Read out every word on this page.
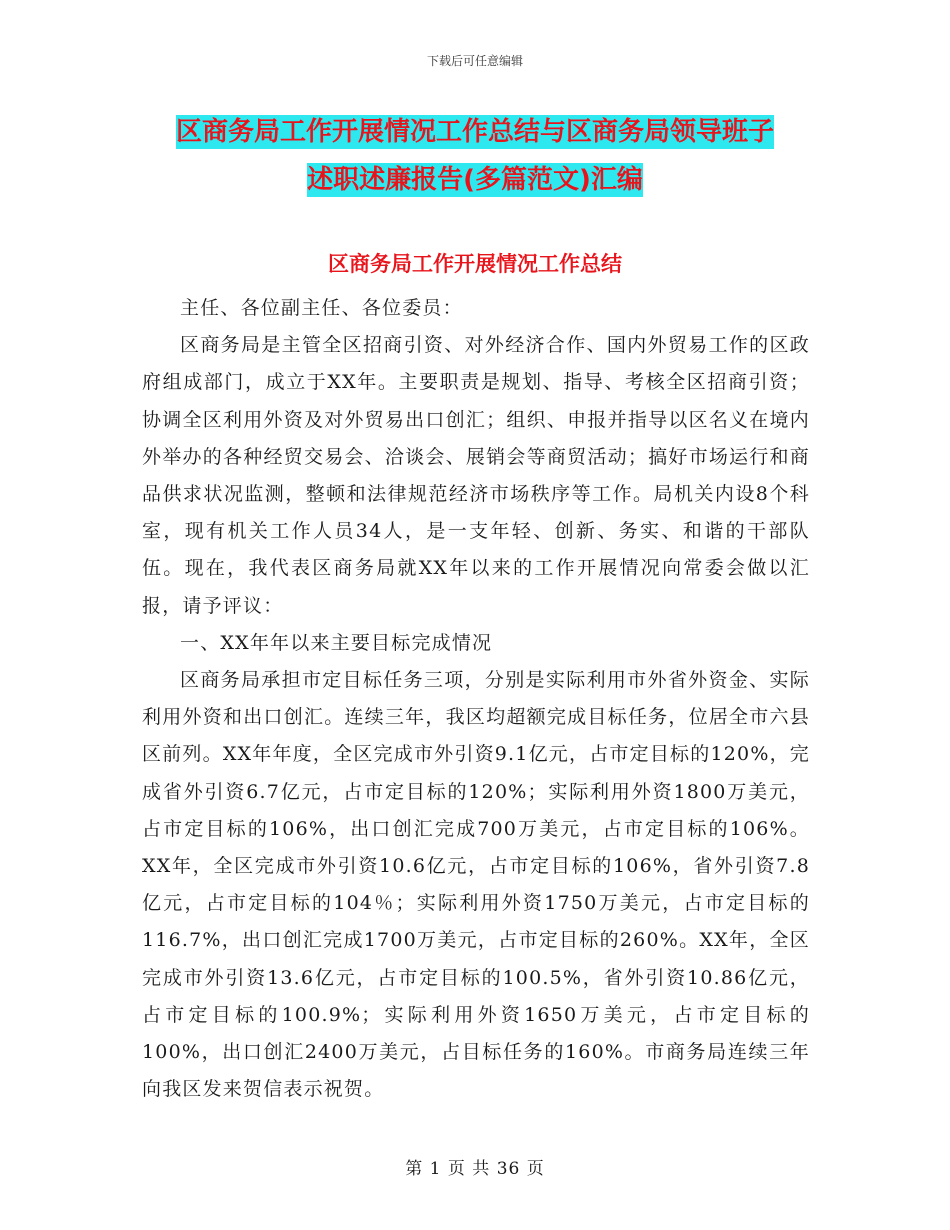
下载后可任意编辑
区商务局工作开展情况工作总结与区商务局领导班子
述职述廉报告(多篇范文)汇编
区商务局工作开展情况工作总结

主任、各位副主任、各位委员：

区商务局是主管全区招商引资、对外经济合作、国内外贸易工作的区政府组成部门，成立于XX年。主要职责是规划、指导、考核全区招商引资；协调全区利用外资及对外贸易出口创汇；组织、申报并指导以区名义在境内外举办的各种经贸交易会、洽谈会、展销会等商贸活动；搞好市场运行和商品供求状况监测，整顿和法律规范经济市场秩序等工作。局机关内设8个科室，现有机关工作人员34人，是一支年轻、创新、务实、和谐的干部队伍。现在，我代表区商务局就XX年以来的工作开展情况向常委会做以汇报，请予评议：

一、XX年年以来主要目标完成情况

区商务局承担市定目标任务三项，分别是实际利用市外省外资金、实际利用外资和出口创汇。连续三年，我区均超额完成目标任务，位居全市六县区前列。XX年年度，全区完成市外引资9.1亿元，占市定目标的120%，完成省外引资6.7亿元，占市定目标的120%；实际利用外资1800万美元，占市定目标的106%，出口创汇完成700万美元，占市定目标的106%。XX年，全区完成市外引资10.6亿元，占市定目标的106%，省外引资7.8亿元，占市定目标的104％；实际利用外资1750万美元，占市定目标的116.7%，出口创汇完成1700万美元，占市定目标的260%。XX年，全区完成市外引资13.6亿元，占市定目标的100.5%，省外引资10.86亿元，占市定目标的100.9%；实际利用外资1650万美元，占市定目标的100%，出口创汇2400万美元，占目标任务的160%。市商务局连续三年向我区发来贺信表示祝贺。

第 1 页 共 36 页
